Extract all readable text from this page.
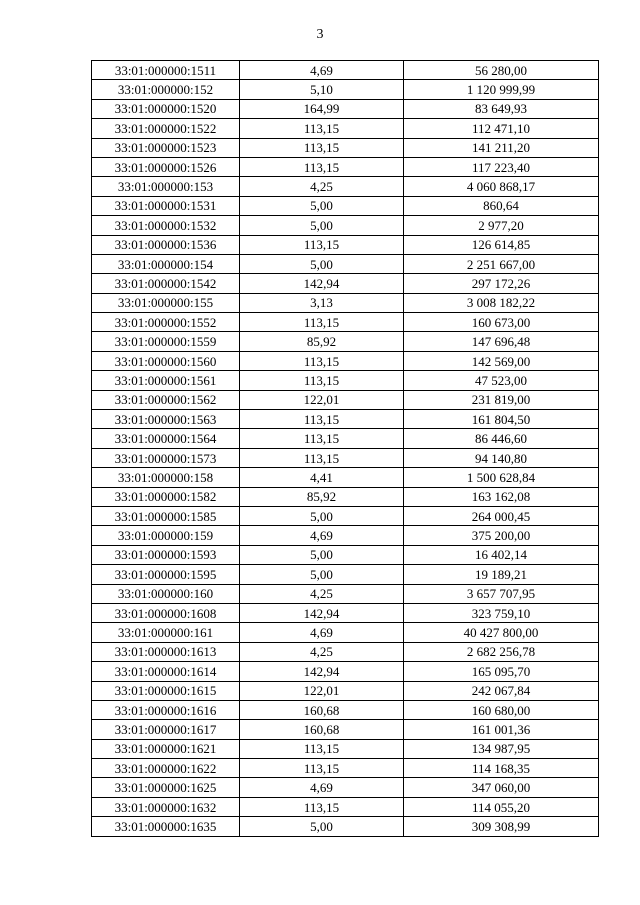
3
33:01:000000:1511	4,69	56 280,00
33:01:000000:152	5,10	1 120 999,99
33:01:000000:1520	164,99	83 649,93
33:01:000000:1522	113,15	112 471,10
33:01:000000:1523	113,15	141 211,20
33:01:000000:1526	113,15	117 223,40
33:01:000000:153	4,25	4 060 868,17
33:01:000000:1531	5,00	860,64
33:01:000000:1532	5,00	2 977,20
33:01:000000:1536	113,15	126 614,85
33:01:000000:154	5,00	2 251 667,00
33:01:000000:1542	142,94	297 172,26
33:01:000000:155	3,13	3 008 182,22
33:01:000000:1552	113,15	160 673,00
33:01:000000:1559	85,92	147 696,48
33:01:000000:1560	113,15	142 569,00
33:01:000000:1561	113,15	47 523,00
33:01:000000:1562	122,01	231 819,00
33:01:000000:1563	113,15	161 804,50
33:01:000000:1564	113,15	86 446,60
33:01:000000:1573	113,15	94 140,80
33:01:000000:158	4,41	1 500 628,84
33:01:000000:1582	85,92	163 162,08
33:01:000000:1585	5,00	264 000,45
33:01:000000:159	4,69	375 200,00
33:01:000000:1593	5,00	16 402,14
33:01:000000:1595	5,00	19 189,21
33:01:000000:160	4,25	3 657 707,95
33:01:000000:1608	142,94	323 759,10
33:01:000000:161	4,69	40 427 800,00
33:01:000000:1613	4,25	2 682 256,78
33:01:000000:1614	142,94	165 095,70
33:01:000000:1615	122,01	242 067,84
33:01:000000:1616	160,68	160 680,00
33:01:000000:1617	160,68	161 001,36
33:01:000000:1621	113,15	134 987,95
33:01:000000:1622	113,15	114 168,35
33:01:000000:1625	4,69	347 060,00
33:01:000000:1632	113,15	114 055,20
33:01:000000:1635	5,00	309 308,99
